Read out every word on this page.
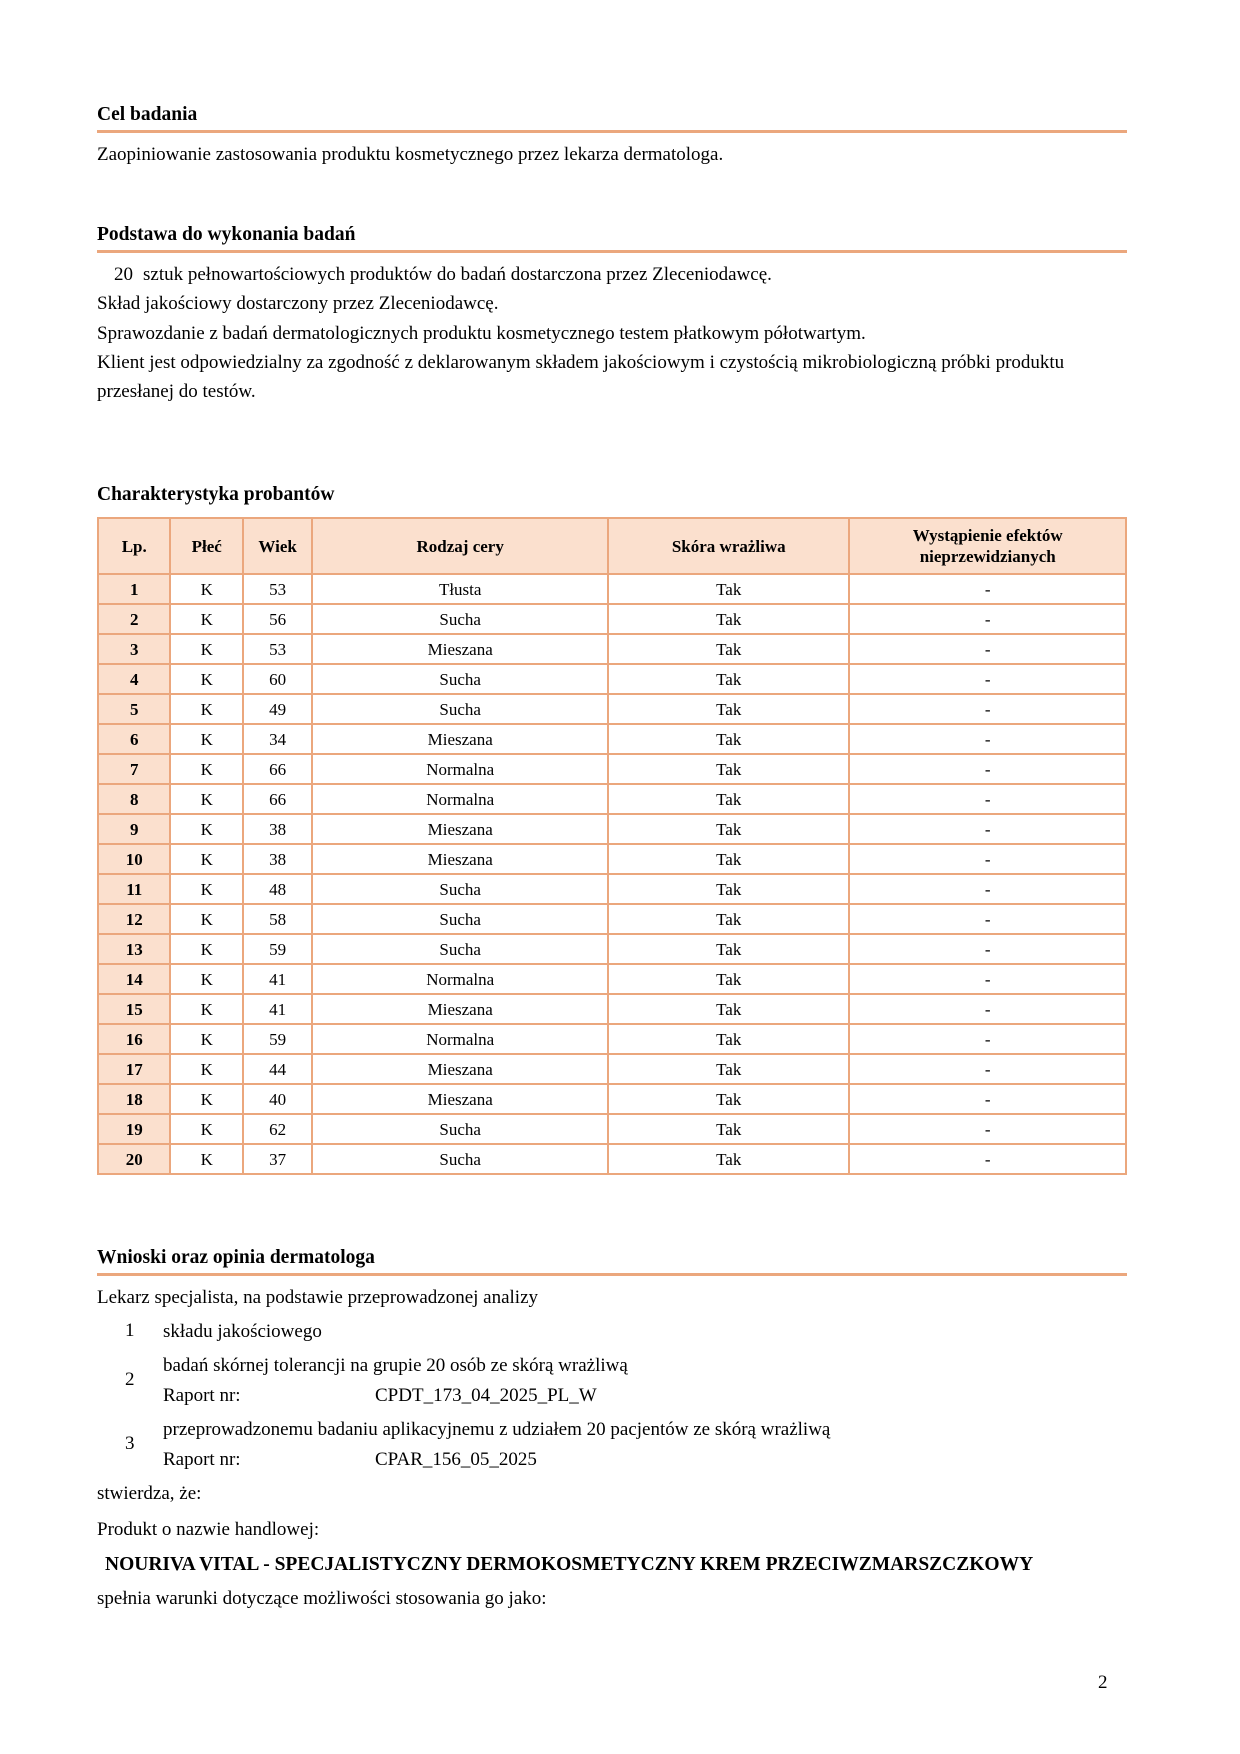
Cel badania

Zaopiniowanie zastosowania produktu kosmetycznego przez lekarza dermatologa.

Podstawa do wykonania badań

20 sztuk pełnowartościowych produktów do badań dostarczona przez Zleceniodawcę.

Skład jakościowy dostarczony przez Zleceniodawcę.

Sprawozdanie z badań dermatologicznych produktu kosmetycznego testem płatkowym półotwartym.

Klient jest odpowiedzialny za zgodność z deklarowanym składem jakościowym i czystością mikrobiologiczną próbki produktu przesłanej do testów.

Charakterystyka probantów
Lp.	Płeć	Wiek	Rodzaj cery	Skóra wrażliwa	Wystąpienie efektów nieprzewidzianych
1	K	53	Tłusta	Tak	-
2	K	56	Sucha	Tak	-
3	K	53	Mieszana	Tak	-
4	K	60	Sucha	Tak	-
5	K	49	Sucha	Tak	-
6	K	34	Mieszana	Tak	-
7	K	66	Normalna	Tak	-
8	K	66	Normalna	Tak	-
9	K	38	Mieszana	Tak	-
10	K	38	Mieszana	Tak	-
11	K	48	Sucha	Tak	-
12	K	58	Sucha	Tak	-
13	K	59	Sucha	Tak	-
14	K	41	Normalna	Tak	-
15	K	41	Mieszana	Tak	-
16	K	59	Normalna	Tak	-
17	K	44	Mieszana	Tak	-
18	K	40	Mieszana	Tak	-
19	K	62	Sucha	Tak	-
20	K	37	Sucha	Tak	-
Wnioski oraz opinia dermatologa

Lekarz specjalista, na podstawie przeprowadzonej analizy

1	składu jakościowego
2
badań skórnej tolerancji na grupie 20 osób ze skórą wrażliwą
Raport nr:	CPDT_173_04_2025_PL_W
3
przeprowadzonemu badaniu aplikacyjnemu z udziałem 20 pacjentów ze skórą wrażliwą
Raport nr:	CPAR_156_05_2025

stwierdza, że:

Produkt o nazwie handlowej:

NOURIVA VITAL - SPECJALISTYCZNY DERMOKOSMETYCZNY KREM PRZECIWZMARSZCZKOWY

spełnia warunki dotyczące możliwości stosowania go jako:

2
